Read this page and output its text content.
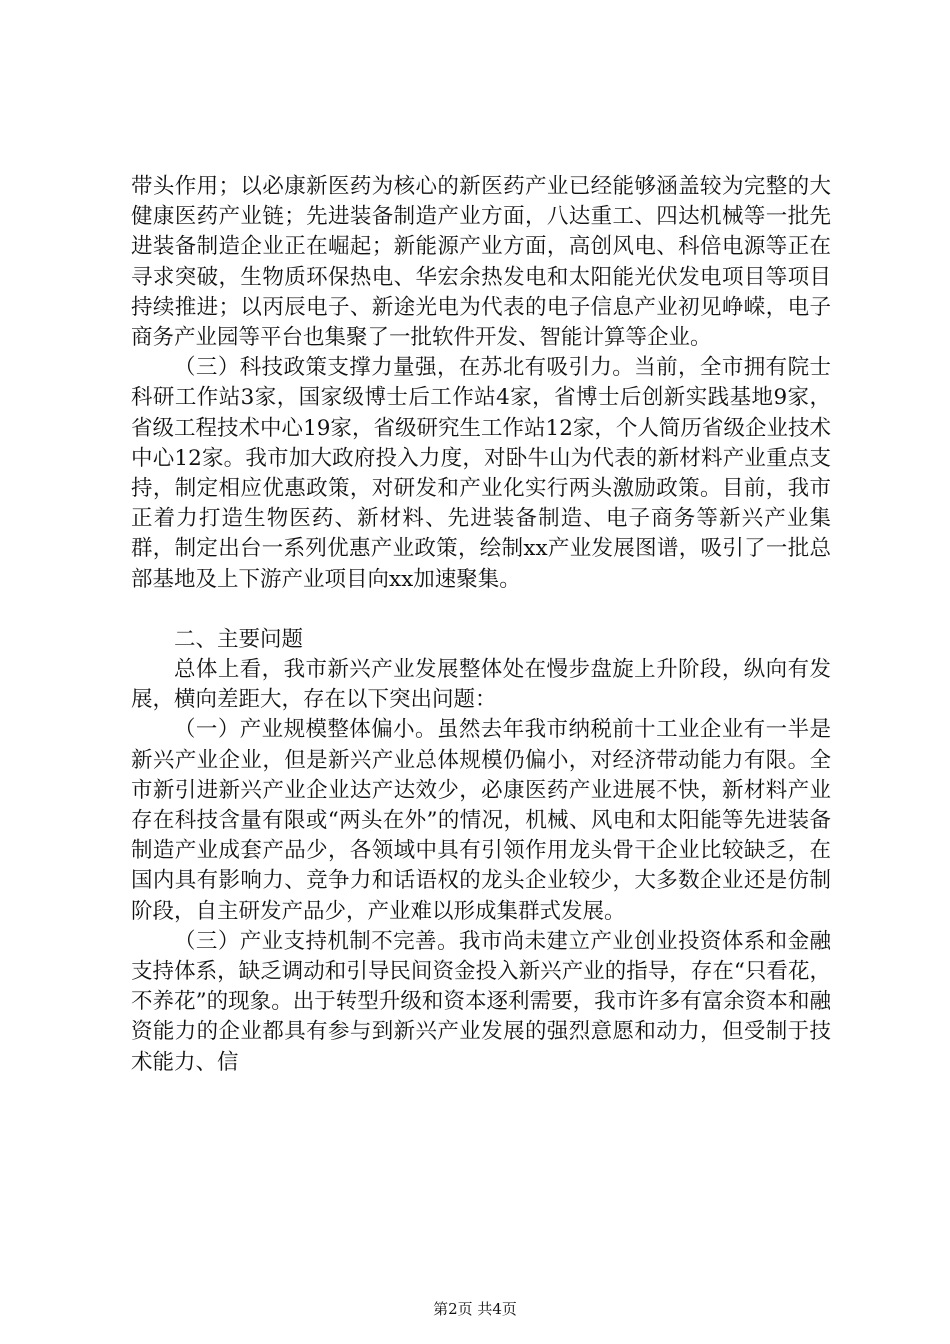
带头作用；以必康新医药为核心的新医药产业已经能够涵盖较为完整的大健康医药产业链；先进装备制造产业方面，八达重工、四达机械等一批先进装备制造企业正在崛起；新能源产业方面，高创风电、科倍电源等正在寻求突破，生物质环保热电、华宏余热发电和太阳能光伏发电项目等项目持续推进；以丙辰电子、新途光电为代表的电子信息产业初见峥嵘，电子商务产业园等平台也集聚了一批软件开发、智能计算等企业。

（三）科技政策支撑力量强，在苏北有吸引力。当前，全市拥有院士科研工作站3家，国家级博士后工作站4家，省博士后创新实践基地9家，省级工程技术中心19家，省级研究生工作站12家，个人简历省级企业技术中心12家。我市加大政府投入力度，对卧牛山为代表的新材料产业重点支持，制定相应优惠政策，对研发和产业化实行两头激励政策。目前，我市正着力打造生物医药、新材料、先进装备制造、电子商务等新兴产业集群，制定出台一系列优惠产业政策，绘制xx产业发展图谱，吸引了一批总部基地及上下游产业项目向xx加速聚集。

二、主要问题

总体上看，我市新兴产业发展整体处在慢步盘旋上升阶段，纵向有发展，横向差距大，存在以下突出问题：

（一）产业规模整体偏小。虽然去年我市纳税前十工业企业有一半是新兴产业企业，但是新兴产业总体规模仍偏小，对经济带动能力有限。全市新引进新兴产业企业达产达效少，必康医药产业进展不快，新材料产业存在科技含量有限或“两头在外”的情况，机械、风电和太阳能等先进装备制造产业成套产品少，各领域中具有引领作用龙头骨干企业比较缺乏，在国内具有影响力、竞争力和话语权的龙头企业较少，大多数企业还是仿制阶段，自主研发产品少，产业难以形成集群式发展。

（三）产业支持机制不完善。我市尚未建立产业创业投资体系和金融支持体系，缺乏调动和引导民间资金投入新兴产业的指导，存在“只看花，不养花”的现象。出于转型升级和资本逐利需要，我市许多有富余资本和融资能力的企业都具有参与到新兴产业发展的强烈意愿和动力，但受制于技术能力、信

第2页 共4页
